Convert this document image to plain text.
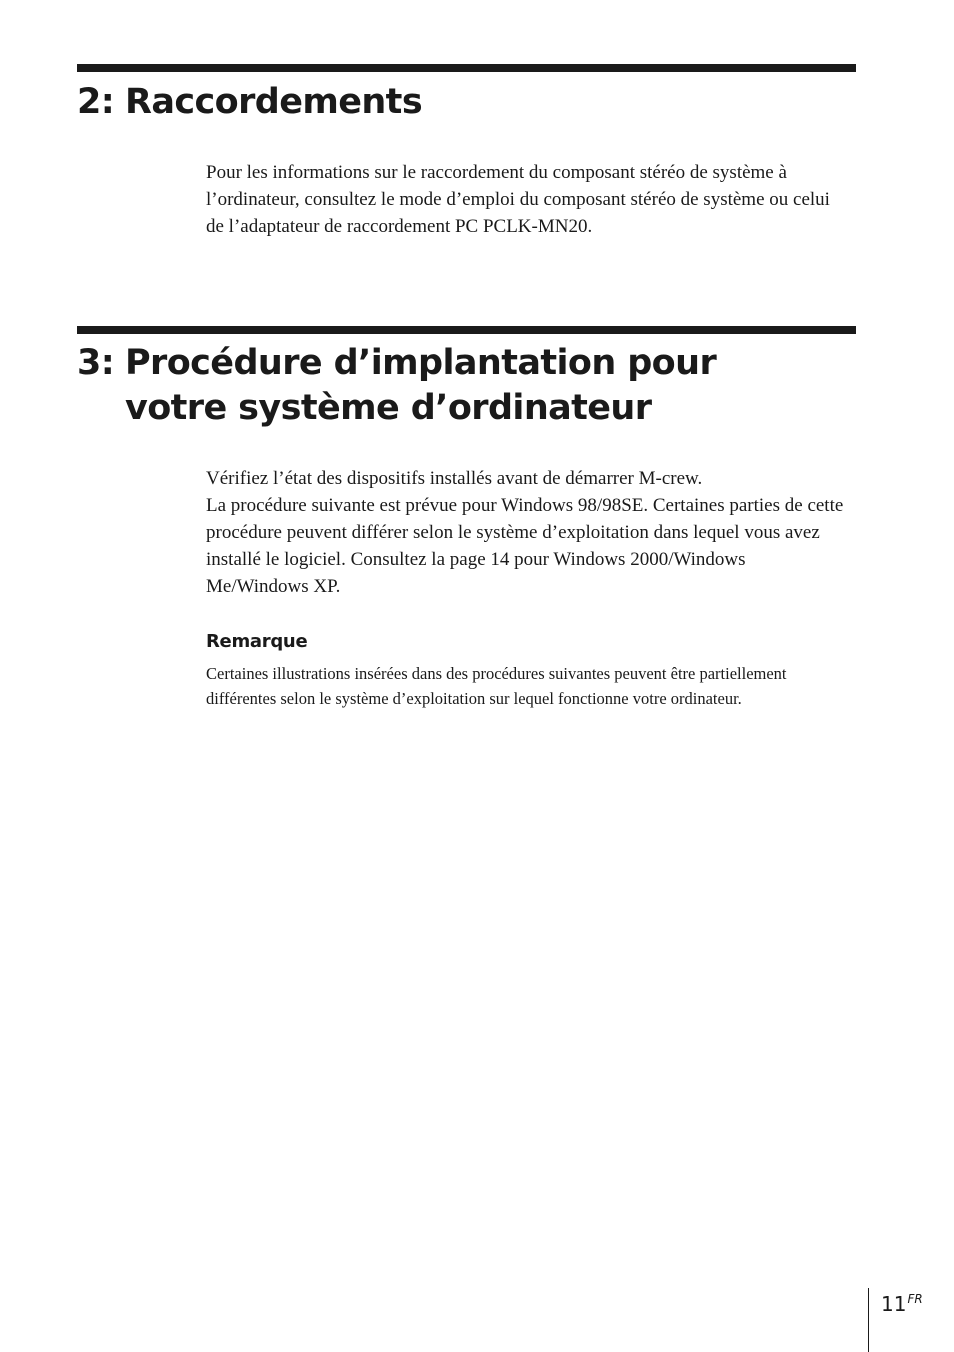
2: Raccordements

Pour les informations sur le raccordement du composant stéréo de système à l’ordinateur, consultez le mode d’emploi du composant stéréo de système ou celui de l’adaptateur de raccordement PC PCLK-MN20.

3: Procédure d’implantation pour
votre système d’ordinateur

Vérifiez l’état des dispositifs installés avant de démarrer M-crew.

La procédure suivante est prévue pour Windows 98/98SE. Certaines parties de cette procédure peuvent différer selon le système d’exploitation dans lequel vous avez installé le logiciel. Consultez la page 14 pour Windows 2000/Windows Me/Windows XP.

Remarque

Certaines illustrations insérées dans des procédures suivantes peuvent être partiellement différentes selon le système d’exploitation sur lequel fonctionne votre ordinateur.

$11^{FR}$
